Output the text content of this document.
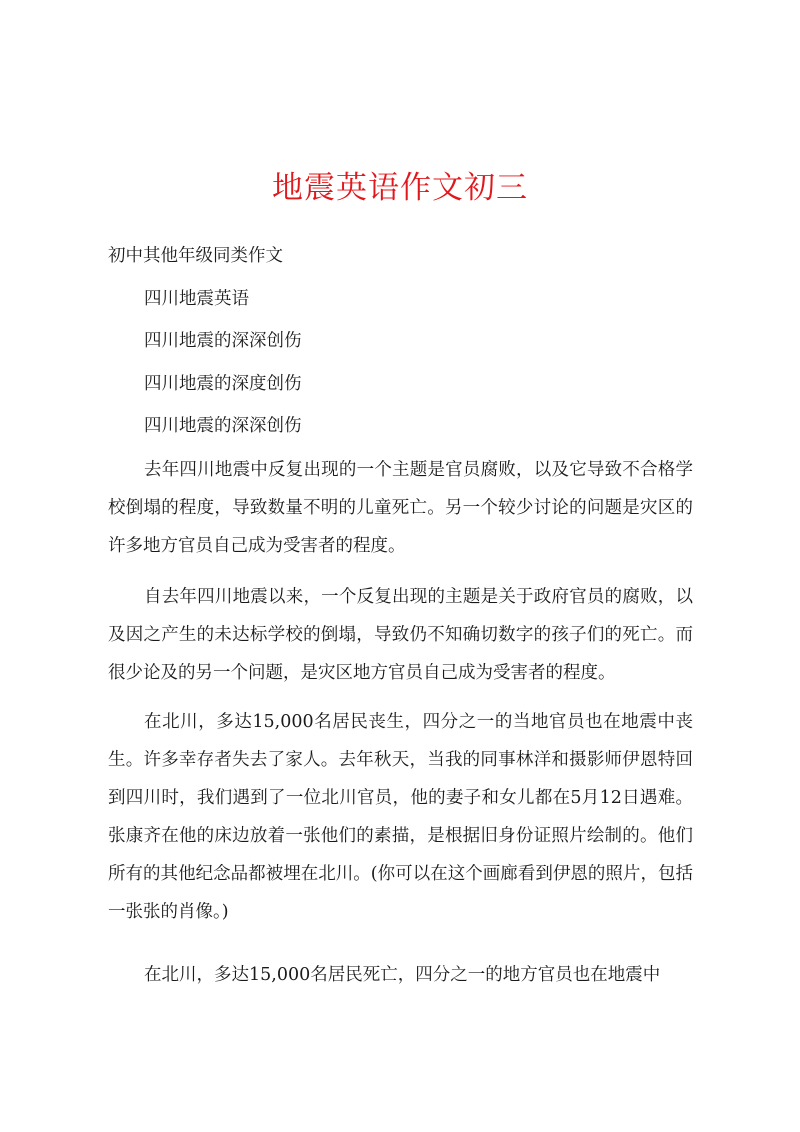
地震英语作文初三
初中其他年级同类作文
四川地震英语
四川地震的深深创伤
四川地震的深度创伤
四川地震的深深创伤

去年四川地震中反复出现的一个主题是官员腐败，以及它导致不合格学校倒塌的程度，导致数量不明的儿童死亡。另一个较少讨论的问题是灾区的许多地方官员自己成为受害者的程度。

自去年四川地震以来，一个反复出现的主题是关于政府官员的腐败，以及因之产生的未达标学校的倒塌，导致仍不知确切数字的孩子们的死亡。而很少论及的另一个问题，是灾区地方官员自己成为受害者的程度。

在北川，多达15,000名居民丧生，四分之一的当地官员也在地震中丧生。许多幸存者失去了家人。去年秋天，当我的同事林洋和摄影师伊恩特回到四川时，我们遇到了一位北川官员，他的妻子和女儿都在5月12日遇难。张康齐在他的床边放着一张他们的素描，是根据旧身份证照片绘制的。他们所有的其他纪念品都被埋在北川。(你可以在这个画廊看到伊恩的照片，包括一张张的肖像。)

在北川，多达15,000名居民死亡，四分之一的地方官员也在地震中
